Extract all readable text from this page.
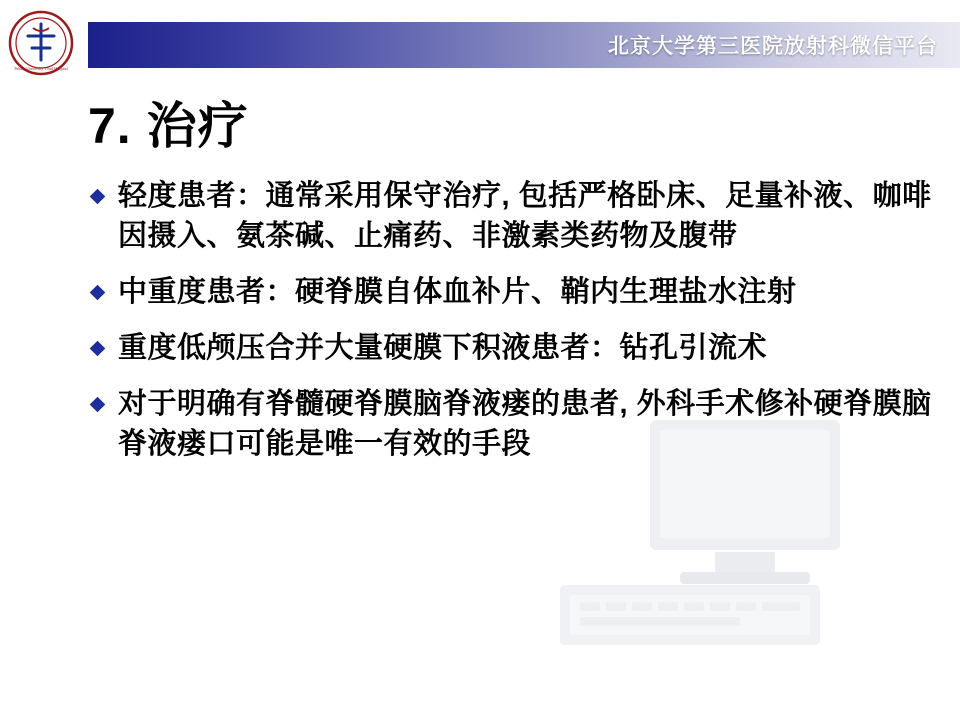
Peking University Third Hospital
北京大学第三医院放射科微信平台
7. 治疗
轻度患者：通常采用保守治疗, 包括严格卧床、足量补液、咖啡因摄入、氨茶碱、止痛药、非激素类药物及腹带
中重度患者：硬脊膜自体血补片、鞘内生理盐水注射
重度低颅压合并大量硬膜下积液患者：钻孔引流术
对于明确有脊髓硬脊膜脑脊液瘘的患者, 外科手术修补硬脊膜脑脊液瘘口可能是唯一有效的手段
